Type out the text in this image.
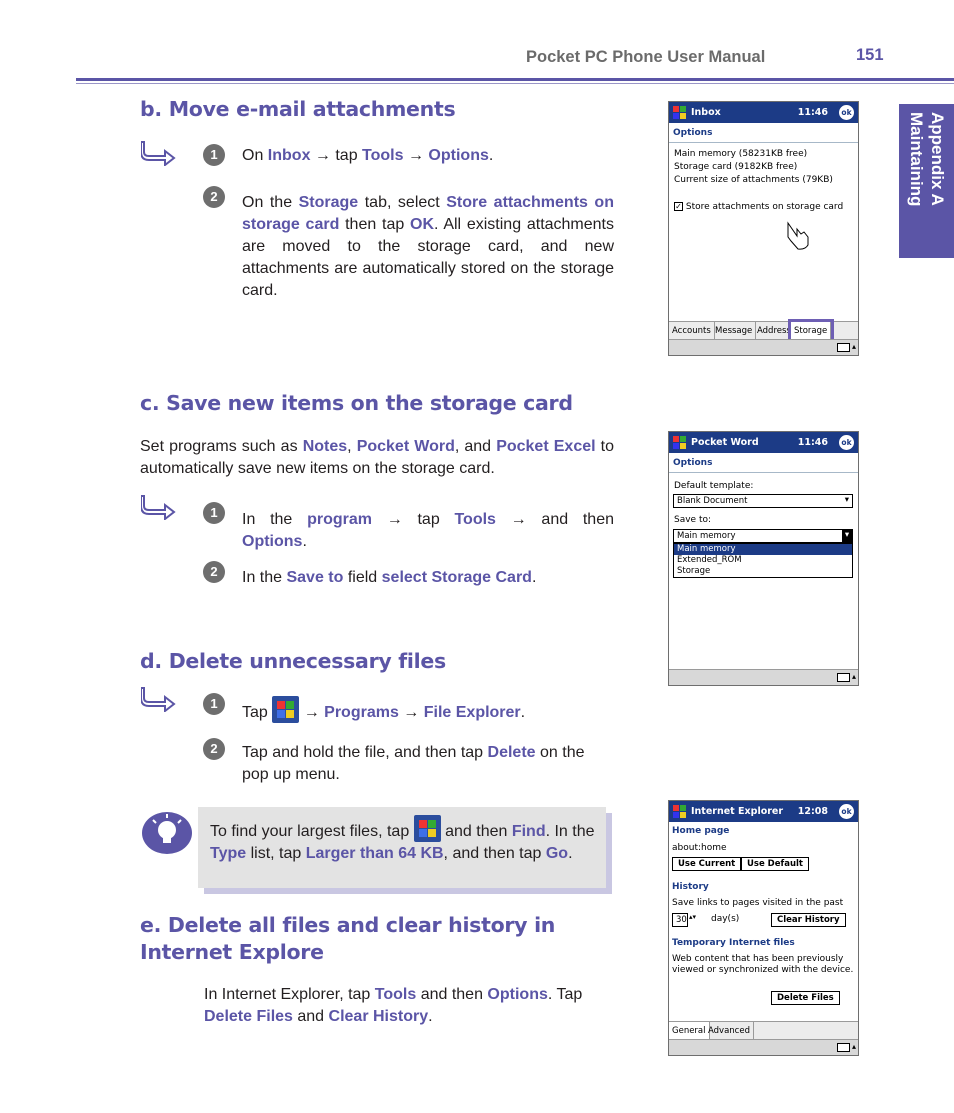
Pocket PC Phone User Manual	151
Appendix A
Maintaining
b. Move e-mail attachments
1	On Inbox → tap Tools → Options.
2	On the Storage tab, select Store attachments on storage card then tap OK. All existing attachments are moved to the storage card, and new attachments are automatically stored on the storage card.
Inbox	11:46	ok
Options
Main memory (58231KB free)
Storage card (9182KB free)
Current size of attachments (79KB)
✓ Store attachments on storage card
Accounts Message Address Storage
▴
c. Save new items on the storage card
Set programs such as Notes, Pocket Word, and Pocket Excel to automatically save new items on the storage card.
1	In the program → tap Tools → and then Options.
2	In the Save to field select Storage Card.
Pocket Word	11:46	ok
Options
Default template:
Blank Document	▾
Save to:
Main memory	▾
Main memory
Extended_ROM
Storage
▴
d. Delete unnecessary files
1
Tap  → Programs → File Explorer.
2	Tap and hold the file, and then tap Delete on the pop up menu.
To find your largest files, tap  and then Find. In the Type list, tap Larger than 64 KB, and then tap Go.
e. Delete all files and clear history in
Internet Explore
In Internet Explorer, tap Tools and then Options. Tap Delete Files and Clear History.
Internet Explorer 12:08	ok
Home page
about:home
Use Current	Use Default
History
Save links to pages visited in the past
30 ▴▾ day(s)	Clear History
Temporary Internet files
Web content that has been previously
viewed or synchronized with the device.
Delete Files
General Advanced
▴
